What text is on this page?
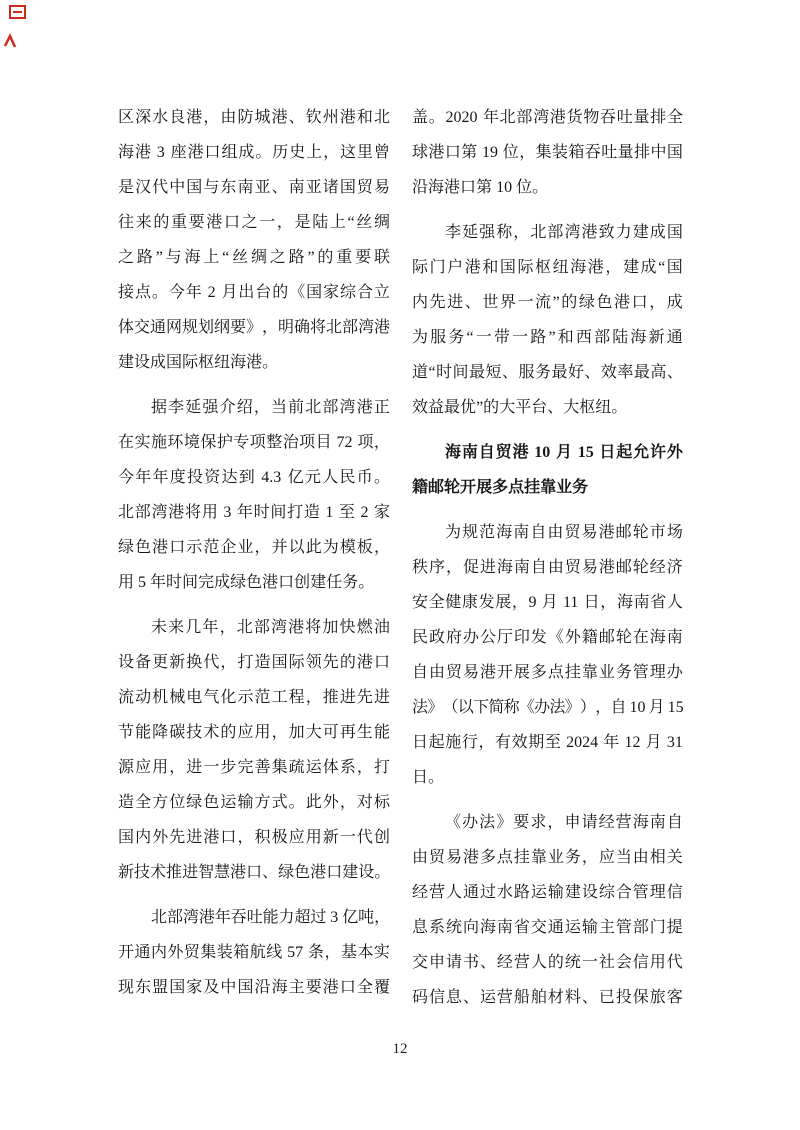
区 深 水 良 港 ， 由 防 城 港 、 钦 州 港 和 北
海 港
3
座 港 口 组 成 。 历 史 上 ， 这 里 曾
是 汉 代 中 国 与 东 南 亚 、 南 亚 诸 国 贸 易
往 来 的 重 要 港 口 之 一 ， 是 陆 上 “ 丝 绸
之 路 ” 与 海 上 “ 丝 绸 之 路 ” 的 重 要 联
接 点 。 今 年
2
月 出 台 的 《 国 家 综 合 立
体 交 通 网 规 划 纲 要 》 ， 明 确 将 北 部 湾 港
建 设 成 国 际 枢 纽 海 港 。
据 李 延 强 介 绍 ， 当 前 北 部 湾 港 正
在 实 施 环 境 保 护 专 项 整 治 项 目
72
项 ，
今 年 年 度 投 资 达 到
4.3
亿 元 人 民 币 。
北 部 湾 港 将 用
3
年 时 间 打 造
1
至
2
家
绿 色 港 口 示 范 企 业 ， 并 以 此 为 模 板 ，
用
5
年 时 间 完 成 绿 色 港 口 创 建 任 务 。
未 来 几 年 ， 北 部 湾 港 将 加 快 燃 油
设 备 更 新 换 代 ， 打 造 国 际 领 先 的 港 口
流 动 机 械 电 气 化 示 范 工 程 ， 推 进 先 进
节 能 降 碳 技 术 的 应 用 ， 加 大 可 再 生 能
源 应 用 ， 进 一 步 完 善 集 疏 运 体 系 ， 打
造 全 方 位 绿 色 运 输 方 式 。 此 外 ， 对 标
国 内 外 先 进 港 口 ， 积 极 应 用 新 一 代 创
新 技 术 推 进 智 慧 港 口 、 绿 色 港 口 建 设 。
北 部 湾 港 年 吞 吐 能 力 超 过
3
亿 吨 ，
开 通 内 外 贸 集 装 箱 航 线
57
条 ， 基 本 实
现 东 盟 国 家 及 中 国 沿 海 主 要 港 口 全 覆
盖 。 2020
年 北 部 湾 港 货 物 吞 吐 量 排 全
球 港 口 第
19
位 ， 集 装 箱 吞 吐 量 排 中 国
沿 海 港 口 第
10
位 。
李 延 强 称 ， 北 部 湾 港 致 力 建 成 国
际 门 户 港 和 国 际 枢 纽 海 港 ， 建 成 “ 国
内 先 进 、 世 界 一 流 ” 的 绿 色 港 口 ， 成
为 服 务 “ 一 带 一 路 ” 和 西 部 陆 海 新 通
道 “ 时 间 最 短 、 服 务 最 好 、 效 率 最 高 、
效 益 最 优 ” 的 大 平 台 、 大 枢 纽 。
海 南 自 贸 港
10
月
15
日 起 允 许 外
籍 邮 轮 开 展 多 点 挂 靠 业 务
为 规 范 海 南 自 由 贸 易 港 邮 轮 市 场
秩 序 ， 促 进 海 南 自 由 贸 易 港 邮 轮 经 济
安 全 健 康 发 展 ， 9
月
11
日 ， 海 南 省 人
民 政 府 办 公 厅 印 发 《 外 籍 邮 轮 在 海 南
自 由 贸 易 港 开 展 多 点 挂 靠 业 务 管 理 办
法 》 （ 以 下 简 称 《 办 法 》 ） ， 自
10
月
15
日 起 施 行 ， 有 效 期 至
2024
年
12
月
31
日 。
《 办 法 》 要 求 ， 申 请 经 营 海 南 自
由 贸 易 港 多 点 挂 靠 业 务 ， 应 当 由 相 关
经 营 人 通 过 水 路 运 输 建 设 综 合 管 理 信
息 系 统 向 海 南 省 交 通 运 输 主 管 部 门 提
交 申 请 书 、 经 营 人 的 统 一 社 会 信 用 代
码 信 息 、 运 营 船 舶 材 料 、 已 投 保 旅 客
12
